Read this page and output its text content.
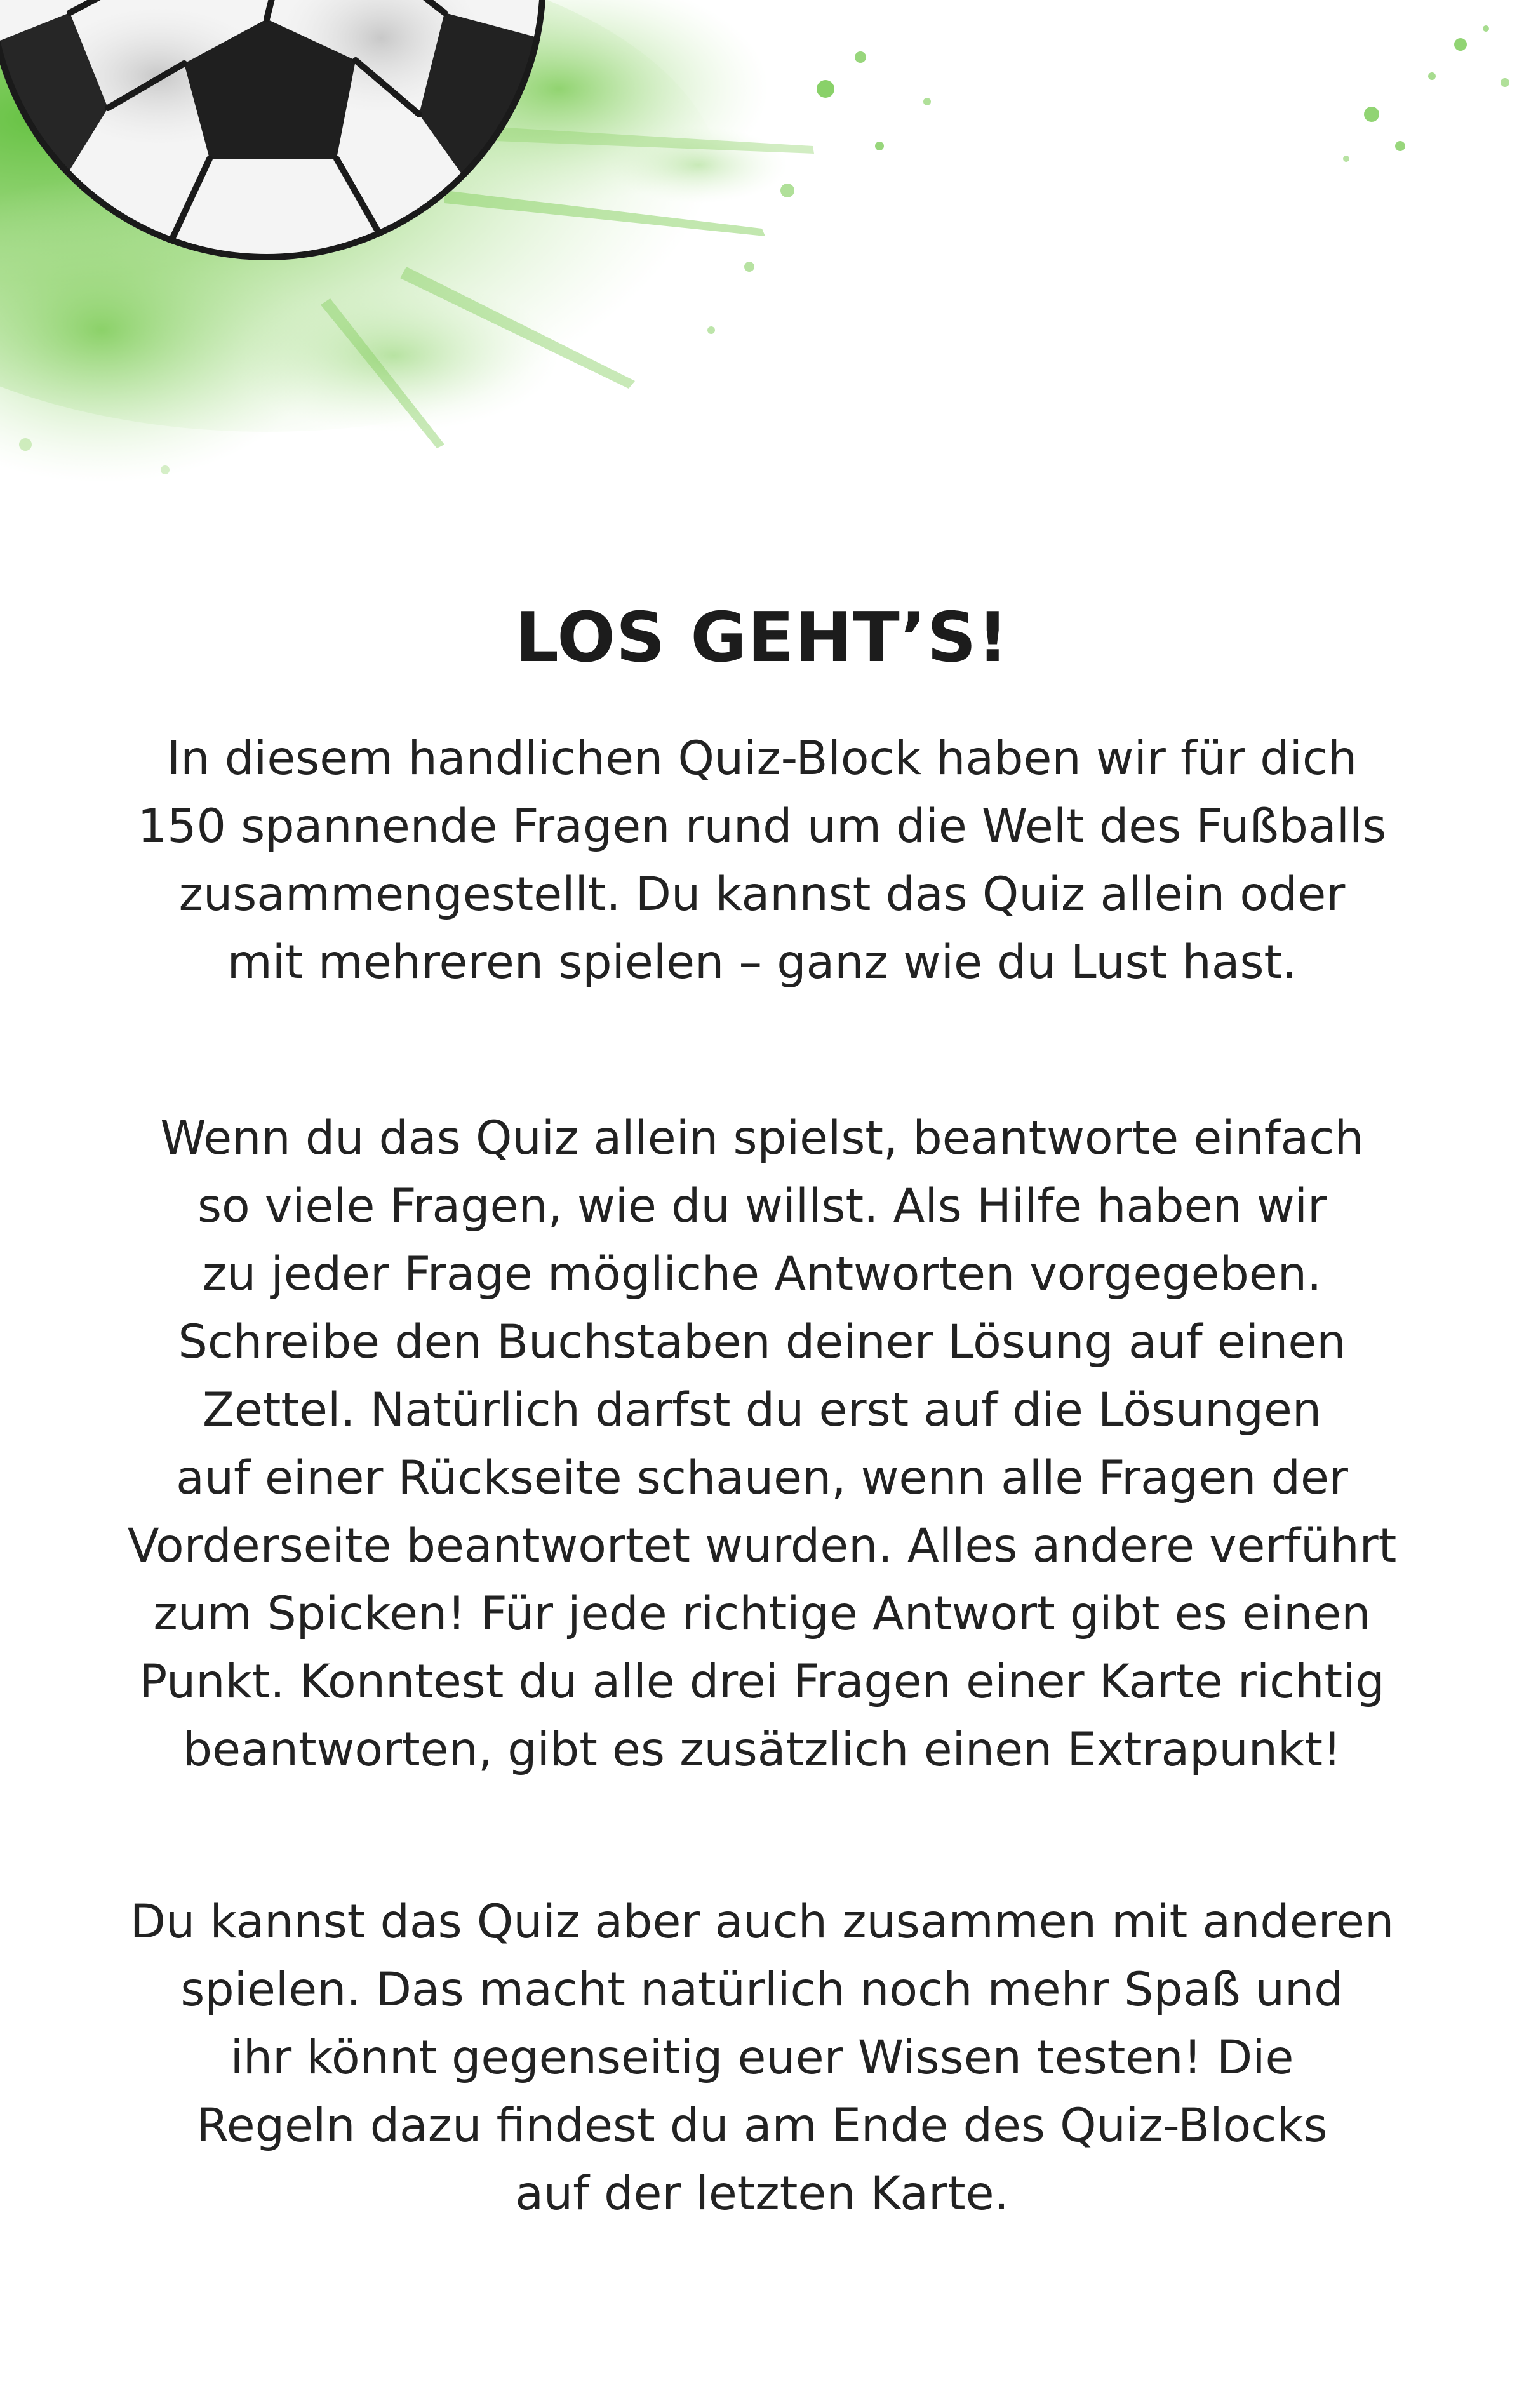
LOS GEHT’S!

In diesem handlichen Quiz-Block haben wir für dich
150 spannende Fragen rund um die Welt des Fußballs
zusammengestellt. Du kannst das Quiz allein oder
mit mehreren spielen – ganz wie du Lust hast.

Wenn du das Quiz allein spielst, beantworte einfach
so viele Fragen, wie du willst. Als Hilfe haben wir
zu jeder Frage mögliche Antworten vorgegeben.
Schreibe den Buchstaben deiner Lösung auf einen
Zettel. Natürlich darfst du erst auf die Lösungen
auf einer Rückseite schauen, wenn alle Fragen der
Vorderseite beantwortet wurden. Alles andere verführt
zum Spicken! Für jede richtige Antwort gibt es einen
Punkt. Konntest du alle drei Fragen einer Karte richtig
beantworten, gibt es zusätzlich einen Extrapunkt!

Du kannst das Quiz aber auch zusammen mit anderen
spielen. Das macht natürlich noch mehr Spaß und
ihr könnt gegenseitig euer Wissen testen! Die
Regeln dazu findest du am Ende des Quiz-Blocks
auf der letzten Karte.
